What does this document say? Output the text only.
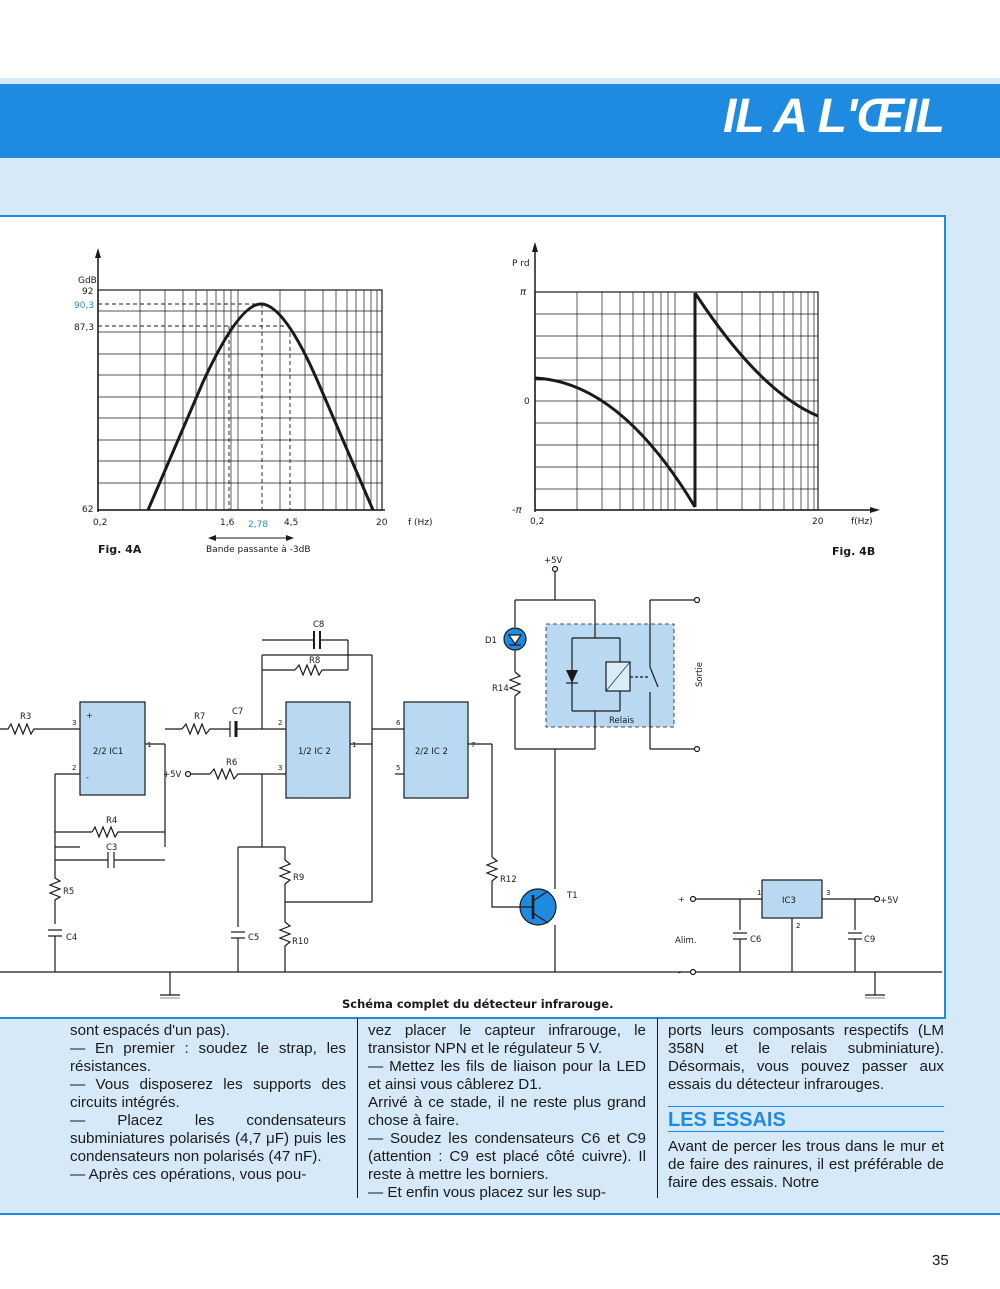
IL A L'ŒIL
GdB
92
90,3
87,3
62
0,2	1,6 2,78 4,5	20 f (Hz)
Bande passante à -3dB
Fig. 4A
P rd
π
0
-π
0,2	20	f(Hz)
Fig. 4B
R3
3
2
1
+
-
2/2 IC1
R4
C3
R5
C4
R7	C7
R6
+5V
C8
R8
2
3
1
1/2 IC 2
6
5
7
2/2 IC 2
R9
R10
C5
R12
T1
D1
R14
+5V
Relais
Sortie
IC3
1	3
2
+5V
+
-
Alim.	C6	C9
Schéma complet du détecteur infrarouge.

sont espacés d'un pas).

— En premier : soudez le strap, les résistances.

— Vous disposerez les supports des circuits intégrés.

— Placez les condensateurs subminiatures polarisés (4,7 μF) puis les condensateurs non polarisés (47 nF).

— Après ces opérations, vous pou-

vez placer le capteur infrarouge, le transistor NPN et le régulateur 5 V.

— Mettez les fils de liaison pour la LED et ainsi vous câblerez D1.

Arrivé à ce stade, il ne reste plus grand chose à faire.

— Soudez les condensateurs C6 et C9 (attention : C9 est placé côté cuivre). Il reste à mettre les borniers.

— Et enfin vous placez sur les sup-

ports leurs composants respectifs (LM 358N et le relais subminiature). Désormais, vous pouvez passer aux essais du détecteur infrarouges.

LES ESSAIS

Avant de percer les trous dans le mur et de faire des rainures, il est préférable de faire des essais. Notre

35
